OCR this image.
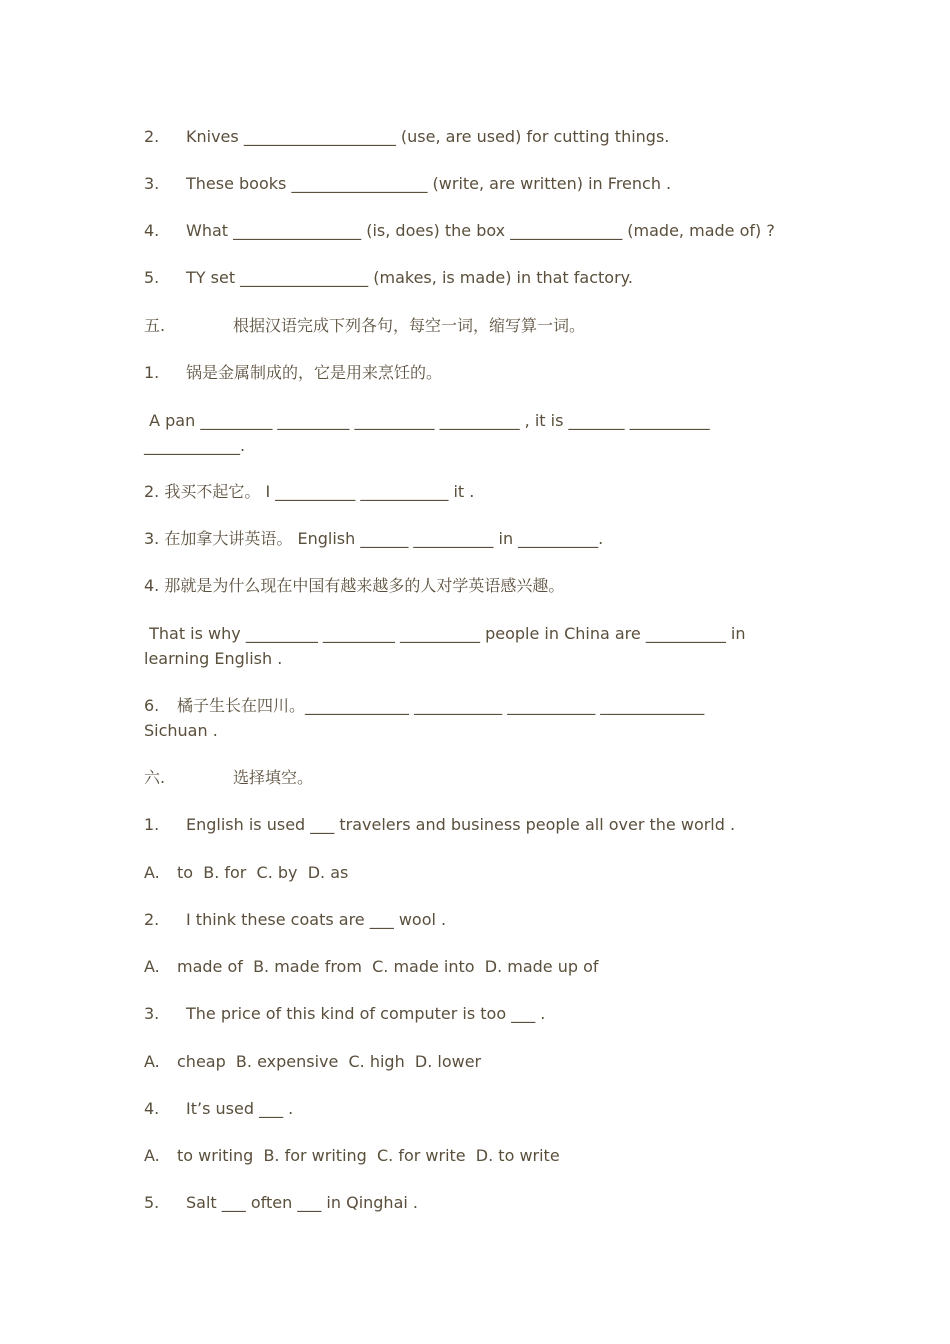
2. Knives ___________________ (use, are used) for cutting things.
3. These books _________________ (write, are written) in French .
4. What ________________ (is, does) the box ______________ (made, made of) ?
5. TY set ________________ (makes, is made) in that factory.
五.	根据汉语完成下列各句，每空一词，缩写算一词。
1. 锅是金属制成的，它是用来烹饪的。
A pan _________ _________ __________ __________ , it is _______ __________
____________.
2. 我买不起它。 I __________ ___________ it .
3. 在加拿大讲英语。 English ______ __________ in __________.
4. 那就是为什么现在中国有越来越多的人对学英语感兴趣。
That is why _________ _________ __________ people in China are __________ in
learning English .
6. 橘子生长在四川。_____________ ___________ ___________ _____________
Sichuan .
六.	选择填空。
1. English is used ___ travelers and business people all over the world .
A. to  B. for  C. by  D. as
2. I think these coats are ___ wool .
A. made of  B. made from  C. made into  D. made up of
3. The price of this kind of computer is too ___ .
A. cheap  B. expensive  C. high  D. lower
4. It’s used ___ .
A. to writing  B. for writing  C. for write  D. to write
5. Salt ___ often ___ in Qinghai .
